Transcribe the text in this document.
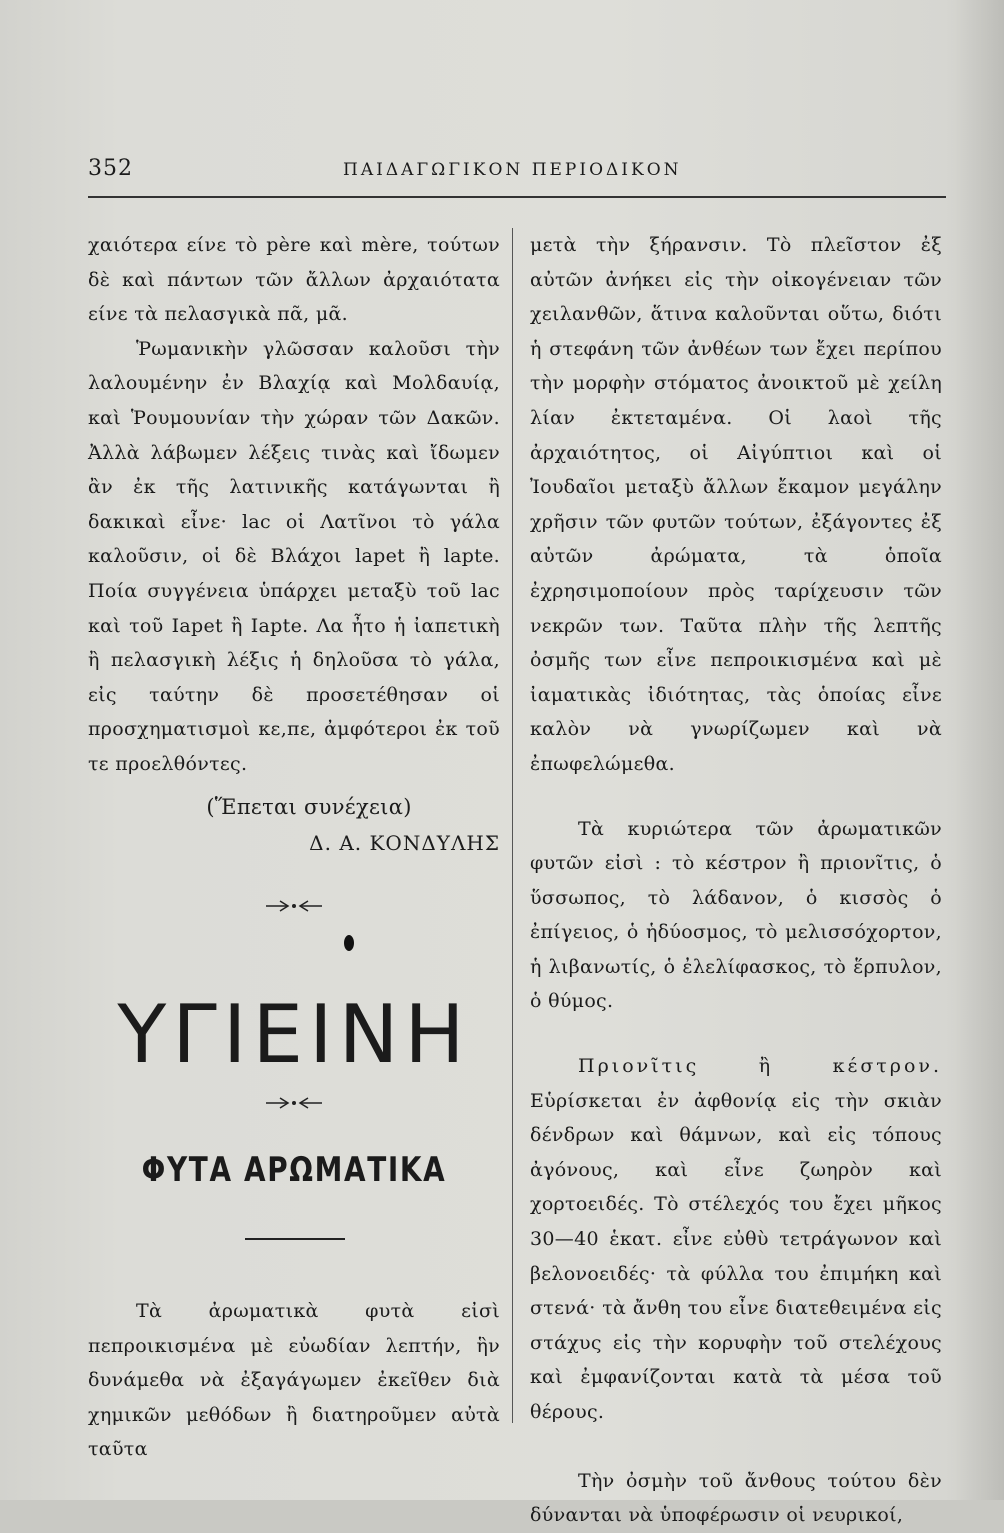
352	ΠΑΙΔΑΓΩΓΙΚΟΝ ΠΕΡΙΟΔΙΚΟΝ

χαιότερα είνε τὸ père καὶ mère, τούτων δὲ καὶ πάντων τῶν ἄλλων ἀρχαιότατα είνε τὰ πελασγικὰ πᾶ, μᾶ.

Ῥωμανικὴν γλῶσσαν καλοῦσι τὴν λαλουμένην ἐν Βλαχίᾳ καὶ Μολδαυίᾳ, καὶ Ῥουμουνίαν τὴν χώραν τῶν Δακῶν. Ἀλλὰ λάβωμεν λέξεις τινὰς καὶ ἴδωμεν ἂν ἐκ τῆς λατινικῆς κατάγωνται ἢ δακικαὶ εἶνε· lac οἱ Λατῖνοι τὸ γάλα καλοῦσιν, οἱ δὲ Βλάχοι lapet ἢ lapte. Ποία συγγένεια ὑπάρχει μεταξὺ τοῦ lac καὶ τοῦ Iapet ἢ Iapte. Λα ἦτο ἡ ἰαπετικὴ ἢ πελασγικὴ λέξις ἡ δηλοῦσα τὸ γάλα, εἰς ταύτην δὲ προσετέθησαν οἱ προσχηματισμοὶ κε,πε, ἀμφότεροι ἐκ τοῦ τε προελθόντες.

(Ἕπεται συνέχεια)

Δ. Α. ΚΟΝΔΥΛΗΣ

ΥΓΙΕΙΝΗ
ΦΥΤΑ ΑΡΩΜΑΤΙΚΑ

Τὰ ἀρωματικὰ φυτὰ εἰσὶ πεπροικισμένα μὲ εὐωδίαν λεπτήν, ἣν δυνάμεθα νὰ ἐξαγάγωμεν ἐκεῖθεν διὰ χημικῶν μεθόδων ἢ διατηροῦμεν αὐτὰ ταῦτα

μετὰ τὴν ξήρανσιν. Τὸ πλεῖστον ἐξ αὐτῶν ἀνήκει εἰς τὴν οἰκογένειαν τῶν χειλανθῶν, ἅτινα καλοῦνται οὕτω, διότι ἡ στεφάνη τῶν ἀνθέων των ἔχει περίπου τὴν μορφὴν στόματος ἀνοικτοῦ μὲ χείλη λίαν ἐκτεταμένα. Οἱ λαοὶ τῆς ἀρχαιότητος, οἱ Αἰγύπτιοι καὶ οἱ Ἰουδαῖοι μεταξὺ ἄλλων ἔκαμον μεγάλην χρῆσιν τῶν φυτῶν τούτων, ἐξάγοντες ἐξ αὐτῶν ἀρώματα, τὰ ὁποῖα ἐχρησιμοποίουν πρὸς ταρίχευσιν τῶν νεκρῶν των. Ταῦτα πλὴν τῆς λεπτῆς ὀσμῆς των εἶνε πεπροικισμένα καὶ μὲ ἰαματικὰς ἰδιότητας, τὰς ὁποίας εἶνε καλὸν νὰ γνωρίζωμεν καὶ νὰ ἐπωφελώμεθα.

Τὰ κυριώτερα τῶν ἀρωματικῶν φυτῶν εἰσὶ : τὸ κέστρον ἢ πριονῖτις, ὁ ὕσσωπος, τὸ λάδανον, ὁ κισσὸς ὁ ἐπίγειος, ὁ ἡδύοσμος, τὸ μελισσόχορτον, ἡ λιβανωτίς, ὁ ἐλελίφασκος, τὸ ἕρπυλον, ὁ θύμος.

Πριονῖτις ἢ κέστρον. Εὑρίσκεται ἐν ἀφθονίᾳ εἰς τὴν σκιὰν δένδρων καὶ θάμνων, καὶ εἰς τόπους ἀγόνους, καὶ εἶνε ζωηρὸν καὶ χορτοειδές. Τὸ στέλεχός του ἔχει μῆκος 30—40 ἑκατ. εἶνε εὐθὺ τετράγωνον καὶ βελονοειδές· τὰ φύλλα του ἐπιμήκη καὶ στενά· τὰ ἄνθη του εἶνε διατεθειμένα εἰς στάχυς εἰς τὴν κορυφὴν τοῦ στελέχους καὶ ἐμφανίζονται κατὰ τὰ μέσα τοῦ θέρους.

Τὴν ὀσμὴν τοῦ ἄνθους τούτου δὲν δύνανται νὰ ὑποφέρωσιν οἱ νευρικοί,
